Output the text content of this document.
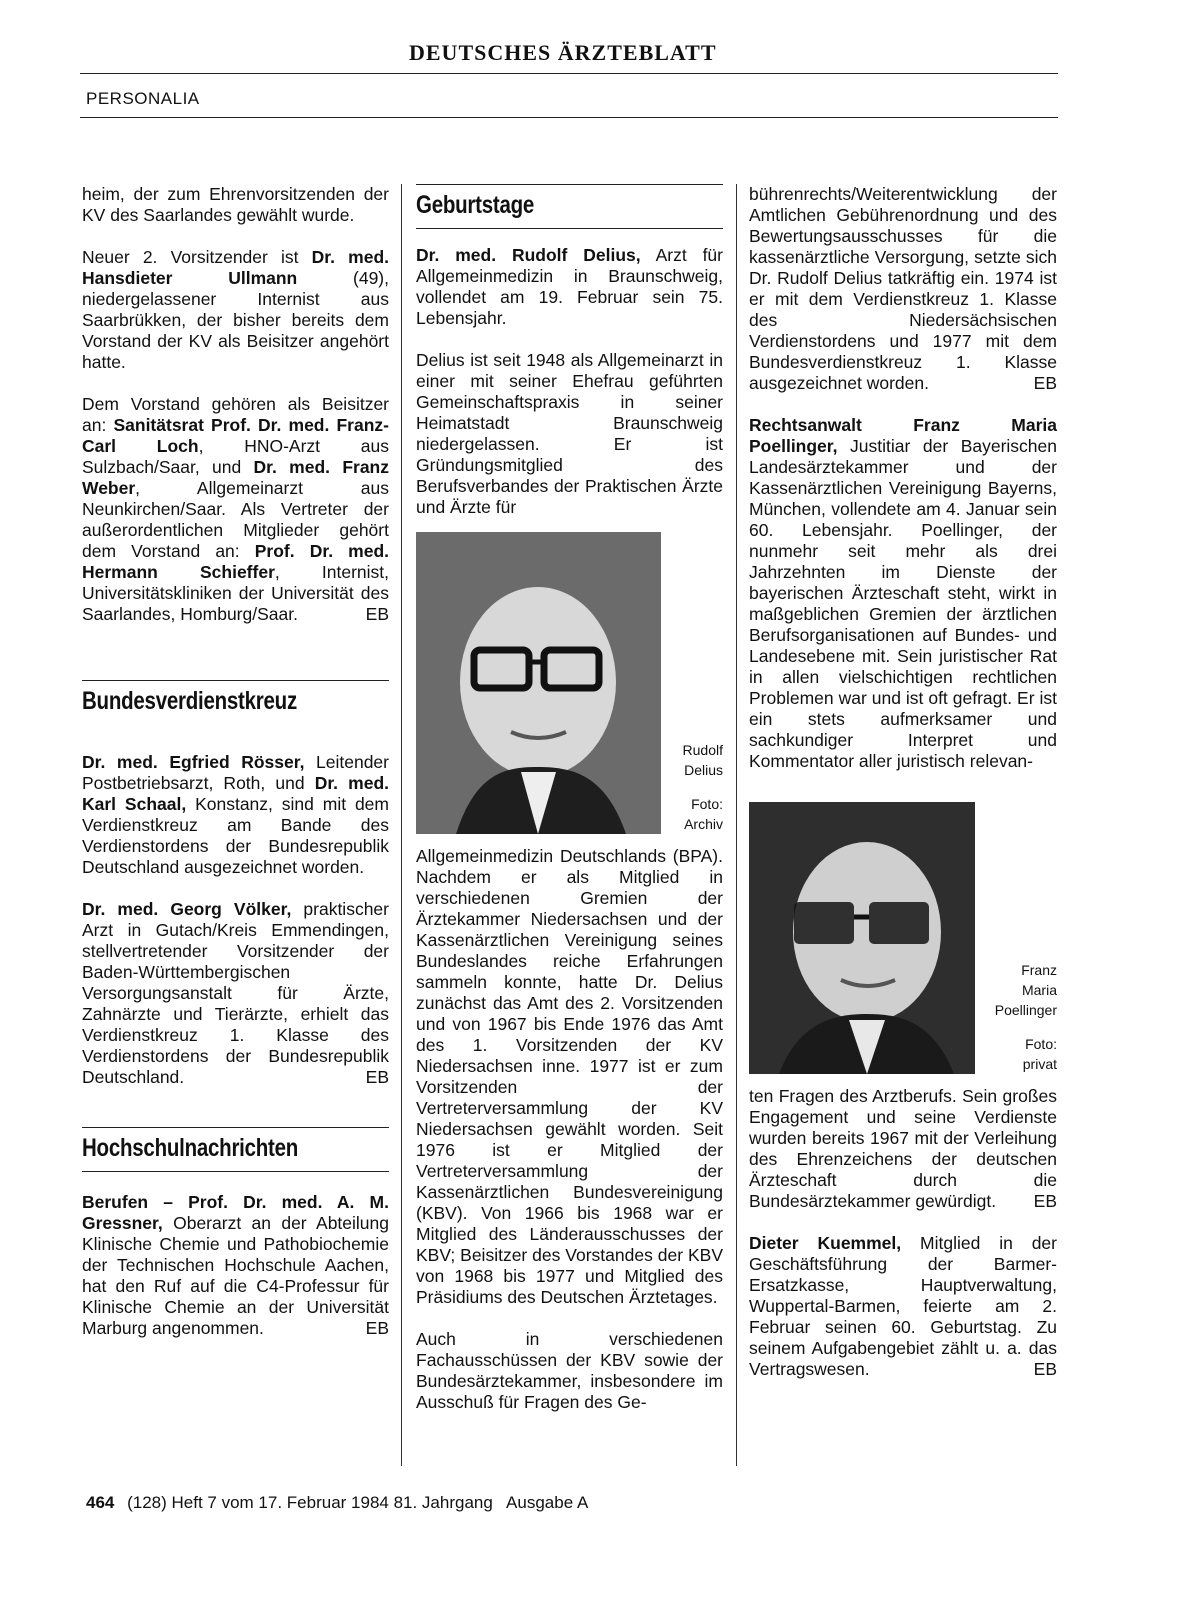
DEUTSCHES ÄRZTEBLATT
PERSONALIA

heim, der zum Ehrenvorsitzenden der KV des Saarlandes gewählt wurde.

Neuer 2. Vorsitzender ist Dr. med. Hansdieter Ullmann (49), niedergelassener Internist aus Saarbrükken, der bisher bereits dem Vorstand der KV als Beisitzer angehört hatte.

Dem Vorstand gehören als Beisitzer an: Sanitätsrat Prof. Dr. med. Franz-Carl Loch, HNO-Arzt aus Sulzbach/Saar, und Dr. med. Franz Weber, Allgemeinarzt aus Neunkirchen/Saar. Als Vertreter der außerordentlichen Mitglieder gehört dem Vorstand an: Prof. Dr. med. Hermann Schieffer, Internist, Universitätskliniken der Universität des Saarlandes, Homburg/Saar.	EB

Bundesverdienstkreuz

Dr. med. Egfried Rösser, Leitender Postbetriebsarzt, Roth, und Dr. med. Karl Schaal, Konstanz, sind mit dem Verdienstkreuz am Bande des Verdienstordens der Bundesrepublik Deutschland ausgezeichnet worden.

Dr. med. Georg Völker, praktischer Arzt in Gutach/Kreis Emmendingen, stellvertretender Vorsitzender der Baden-Württembergischen Versorgungsanstalt für Ärzte, Zahnärzte und Tierärzte, erhielt das Verdienstkreuz 1. Klasse des Verdienstordens der Bundesrepublik Deutschland.	EB

Hochschulnachrichten

Berufen – Prof. Dr. med. A. M. Gressner, Oberarzt an der Abteilung Klinische Chemie und Pathobiochemie der Technischen Hochschule Aachen, hat den Ruf auf die C4-Professur für Klinische Chemie an der Universität Marburg angenommen.	EB

Geburtstage

Dr. med. Rudolf Delius, Arzt für Allgemeinmedizin in Braunschweig, vollendet am 19. Februar sein 75. Lebensjahr.

Delius ist seit 1948 als Allgemeinarzt in einer mit seiner Ehefrau geführten Gemeinschaftspraxis in seiner Heimatstadt Braunschweig niedergelassen. Er ist Gründungsmitglied des Berufsverbandes der Praktischen Ärzte und Ärzte für

Rudolf
Delius
Foto:
Archiv

Allgemeinmedizin Deutschlands (BPA). Nachdem er als Mitglied in verschiedenen Gremien der Ärztekammer Niedersachsen und der Kassenärztlichen Vereinigung seines Bundeslandes reiche Erfahrungen sammeln konnte, hatte Dr. Delius zunächst das Amt des 2. Vorsitzenden und von 1967 bis Ende 1976 das Amt des 1. Vorsitzenden der KV Niedersachsen inne. 1977 ist er zum Vorsitzenden der Vertreterversammlung der KV Niedersachsen gewählt worden. Seit 1976 ist er Mitglied der Vertreterversammlung der Kassenärztlichen Bundesvereinigung (KBV). Von 1966 bis 1968 war er Mitglied des Länderausschusses der KBV; Beisitzer des Vorstandes der KBV von 1968 bis 1977 und Mitglied des Präsidiums des Deutschen Ärztetages.

Auch in verschiedenen Fachausschüssen der KBV sowie der Bundesärztekammer, insbesondere im Ausschuß für Fragen des Ge-

bührenrechts/Weiterentwicklung der Amtlichen Gebührenordnung und des Bewertungsausschusses für die kassenärztliche Versorgung, setzte sich Dr. Rudolf Delius tatkräftig ein. 1974 ist er mit dem Verdienstkreuz 1. Klasse des Niedersächsischen Verdienstordens und 1977 mit dem Bundesverdienstkreuz 1. Klasse ausgezeichnet worden.	EB

Rechtsanwalt Franz Maria Poellinger, Justitiar der Bayerischen Landesärztekammer und der Kassenärztlichen Vereinigung Bayerns, München, vollendete am 4. Januar sein 60. Lebensjahr. Poellinger, der nunmehr seit mehr als drei Jahrzehnten im Dienste der bayerischen Ärzteschaft steht, wirkt in maßgeblichen Gremien der ärztlichen Berufsorganisationen auf Bundes- und Landesebene mit. Sein juristischer Rat in allen vielschichtigen rechtlichen Problemen war und ist oft gefragt. Er ist ein stets aufmerksamer und sachkundiger Interpret und Kommentator aller juristisch relevan-

Franz
Maria
Poellinger
Foto:
privat

ten Fragen des Arztberufs. Sein großes Engagement und seine Verdienste wurden bereits 1967 mit der Verleihung des Ehrenzeichens der deutschen Ärzteschaft durch die Bundesärztekammer gewürdigt. EB

Dieter Kuemmel, Mitglied in der Geschäftsführung der Barmer-Ersatzkasse, Hauptverwaltung, Wuppertal-Barmen, feierte am 2. Februar seinen 60. Geburtstag. Zu seinem Aufgabengebiet zählt u. a. das Vertragswesen.	EB

464 (128) Heft 7 vom 17. Februar 1984 81. Jahrgang   Ausgabe A
